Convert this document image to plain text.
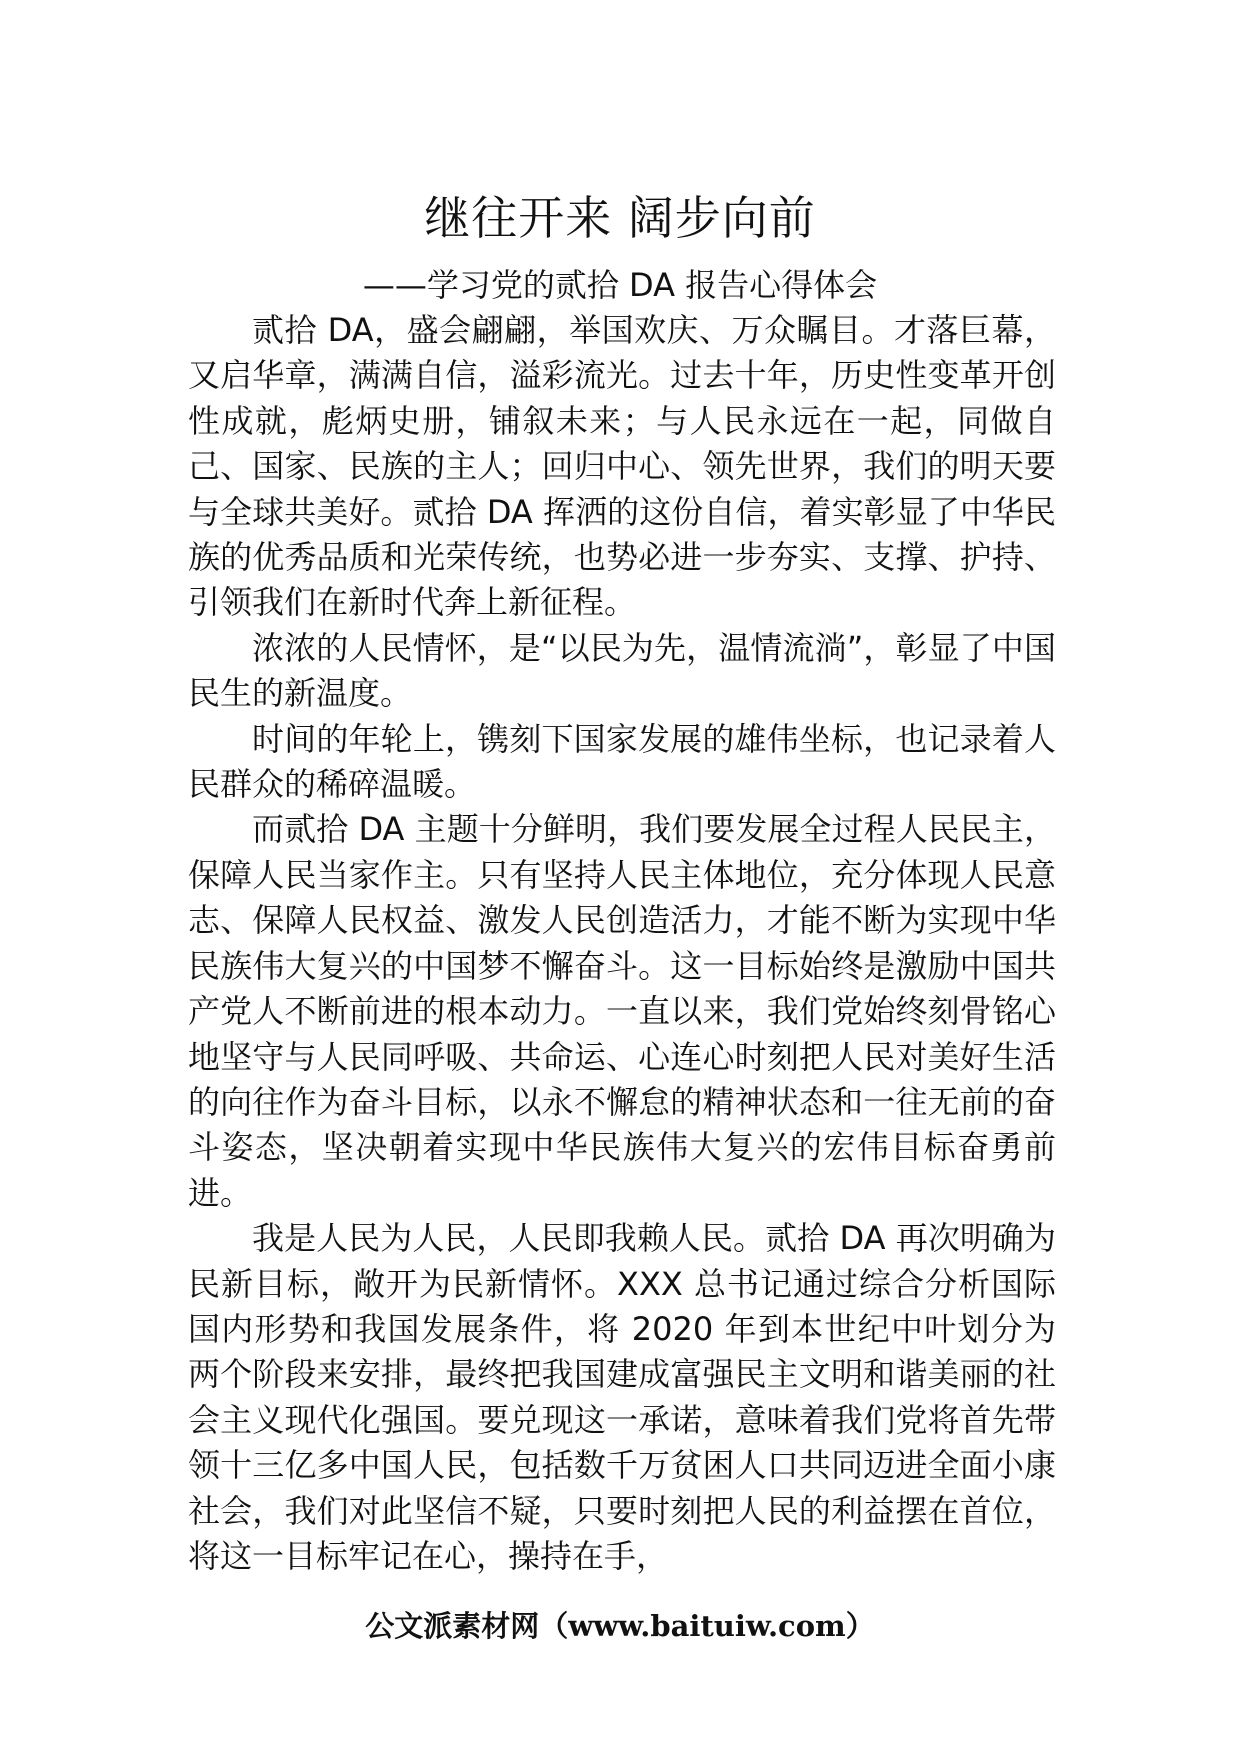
继往开来 阔步向前
——学习党的贰拾 DA 报告心得体会

贰拾 DA，盛会翩翩，举国欢庆、万众瞩目。才落巨幕，又启华章，满满自信，溢彩流光。过去十年，历史性变革开创性成就，彪炳史册，铺叙未来；与人民永远在一起，同做自己、国家、民族的主人；回归中心、领先世界，我们的明天要与全球共美好。贰拾 DA 挥洒的这份自信，着实彰显了中华民族的优秀品质和光荣传统，也势必进一步夯实、支撑、护持、引领我们在新时代奔上新征程。

浓浓的人民情怀，是“以民为先，温情流淌”，彰显了中国民生的新温度。

时间的年轮上，镌刻下国家发展的雄伟坐标，也记录着人民群众的稀碎温暖。

而贰拾 DA 主题十分鲜明，我们要发展全过程人民民主，保障人民当家作主。只有坚持人民主体地位，充分体现人民意志、保障人民权益、激发人民创造活力，才能不断为实现中华民族伟大复兴的中国梦不懈奋斗。这一目标始终是激励中国共产党人不断前进的根本动力。一直以来，我们党始终刻骨铭心地坚守与人民同呼吸、共命运、心连心时刻把人民对美好生活的向往作为奋斗目标，以永不懈怠的精神状态和一往无前的奋斗姿态，坚决朝着实现中华民族伟大复兴的宏伟目标奋勇前进。

我是人民为人民，人民即我赖人民。贰拾 DA 再次明确为民新目标，敞开为民新情怀。XXX 总书记通过综合分析国际国内形势和我国发展条件，将 2020 年到本世纪中叶划分为两个阶段来安排，最终把我国建成富强民主文明和谐美丽的社会主义现代化强国。要兑现这一承诺，意味着我们党将首先带领十三亿多中国人民，包括数千万贫困人口共同迈进全面小康社会，我们对此坚信不疑，只要时刻把人民的利益摆在首位，将这一目标牢记在心，操持在手，

公文派素材网（www.baituiw.com）
